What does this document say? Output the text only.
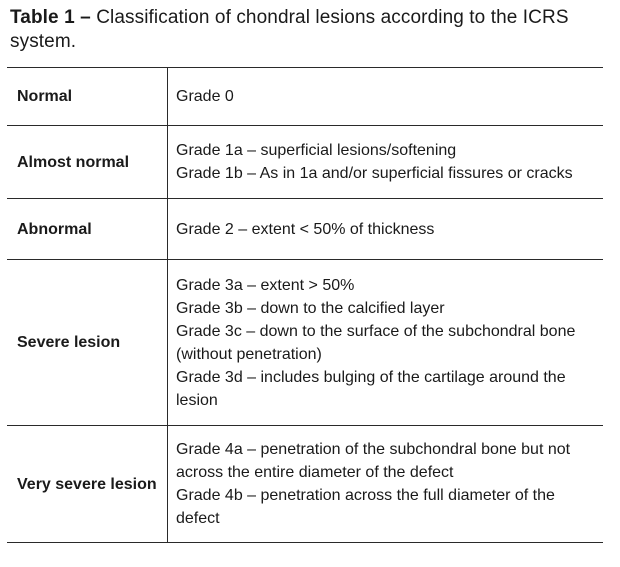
Table 1 – Classification of chondral lesions according to the ICRS system.
Normal	Grade 0

Almost normal	Grade 1a – superficial lesions/softening
Grade 1b – As in 1a and/or superficial fissures or cracks

Abnormal	Grade 2 – extent < 50% of thickness

Severe lesion	Grade 3a – extent > 50%
Grade 3b – down to the calcified layer
Grade 3c – down to the surface of the subchondral bone (without penetration)
Grade 3d – includes bulging of the cartilage around the lesion

Very severe lesion	Grade 4a – penetration of the subchondral bone but not across the entire diameter of the defect
Grade 4b – penetration across the full diameter of the defect
